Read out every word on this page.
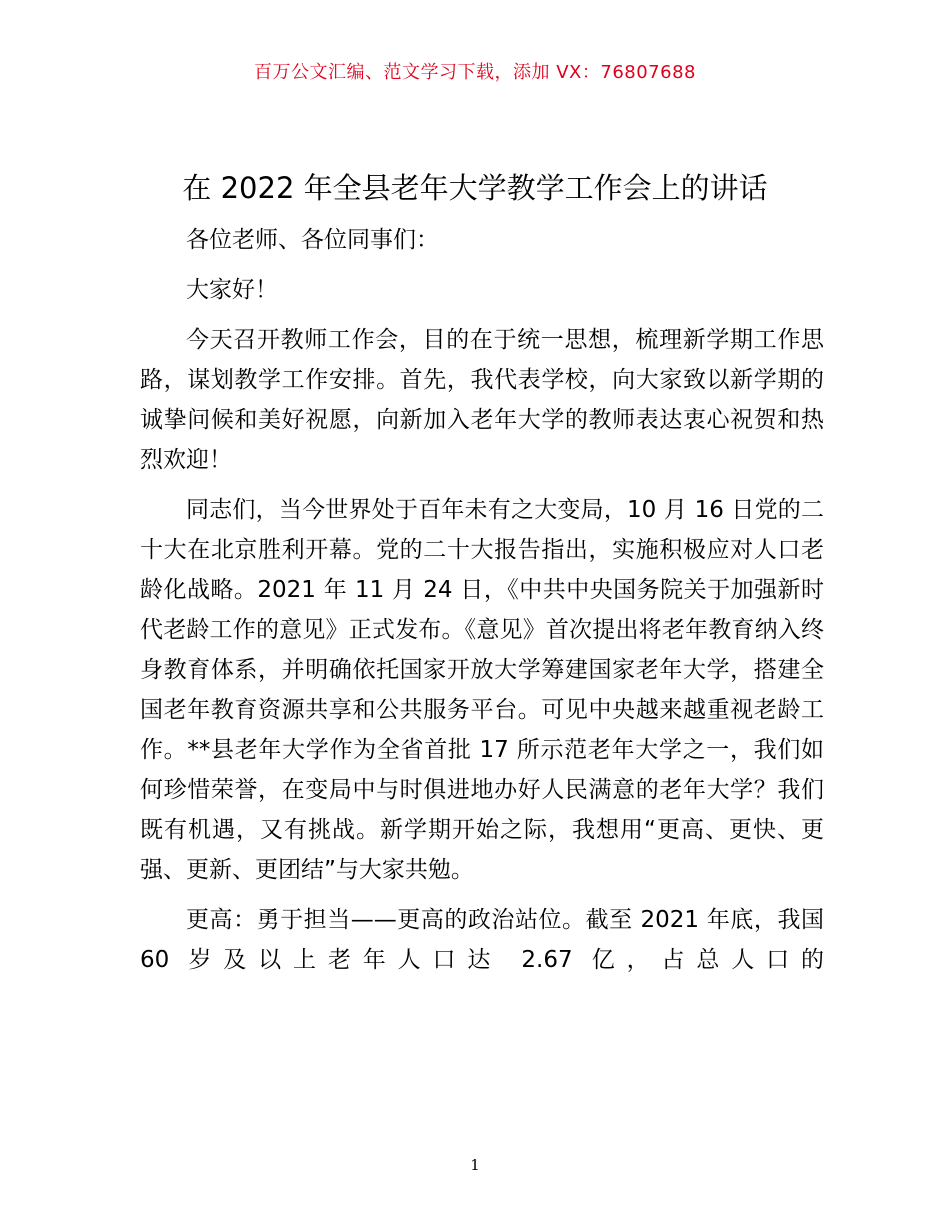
百万公文汇编、范文学习下载，添加 VX：76807688
在 2022 年全县老年大学教学工作会上的讲话

各位老师、各位同事们：

大家好！

今天召开教师工作会，目的在于统一思想，梳理新学期工作思路，谋划教学工作安排。首先，我代表学校，向大家致以新学期的诚挚问候和美好祝愿，向新加入老年大学的教师表达衷心祝贺和热烈欢迎！

同志们，当今世界处于百年未有之大变局，10 月 16 日党的二十大在北京胜利开幕。党的二十大报告指出，实施积极应对人口老龄化战略。2021 年 11 月 24 日，《中共中央国务院关于加强新时代老龄工作的意见》正式发布。《意见》首次提出将老年教育纳入终身教育体系，并明确依托国家开放大学筹建国家老年大学，搭建全国老年教育资源共享和公共服务平台。可见中央越来越重视老龄工作。**县老年大学作为全省首批 17 所示范老年大学之一，我们如何珍惜荣誉，在变局中与时俱进地办好人民满意的老年大学？我们既有机遇，又有挑战。新学期开始之际，我想用“更高、更快、更强、更新、更团结”与大家共勉。

更高：勇于担当——更高的政治站位。截至 2021 年底，我国 60 岁及以上老年人口达 2.67 亿，占总人口的

1
